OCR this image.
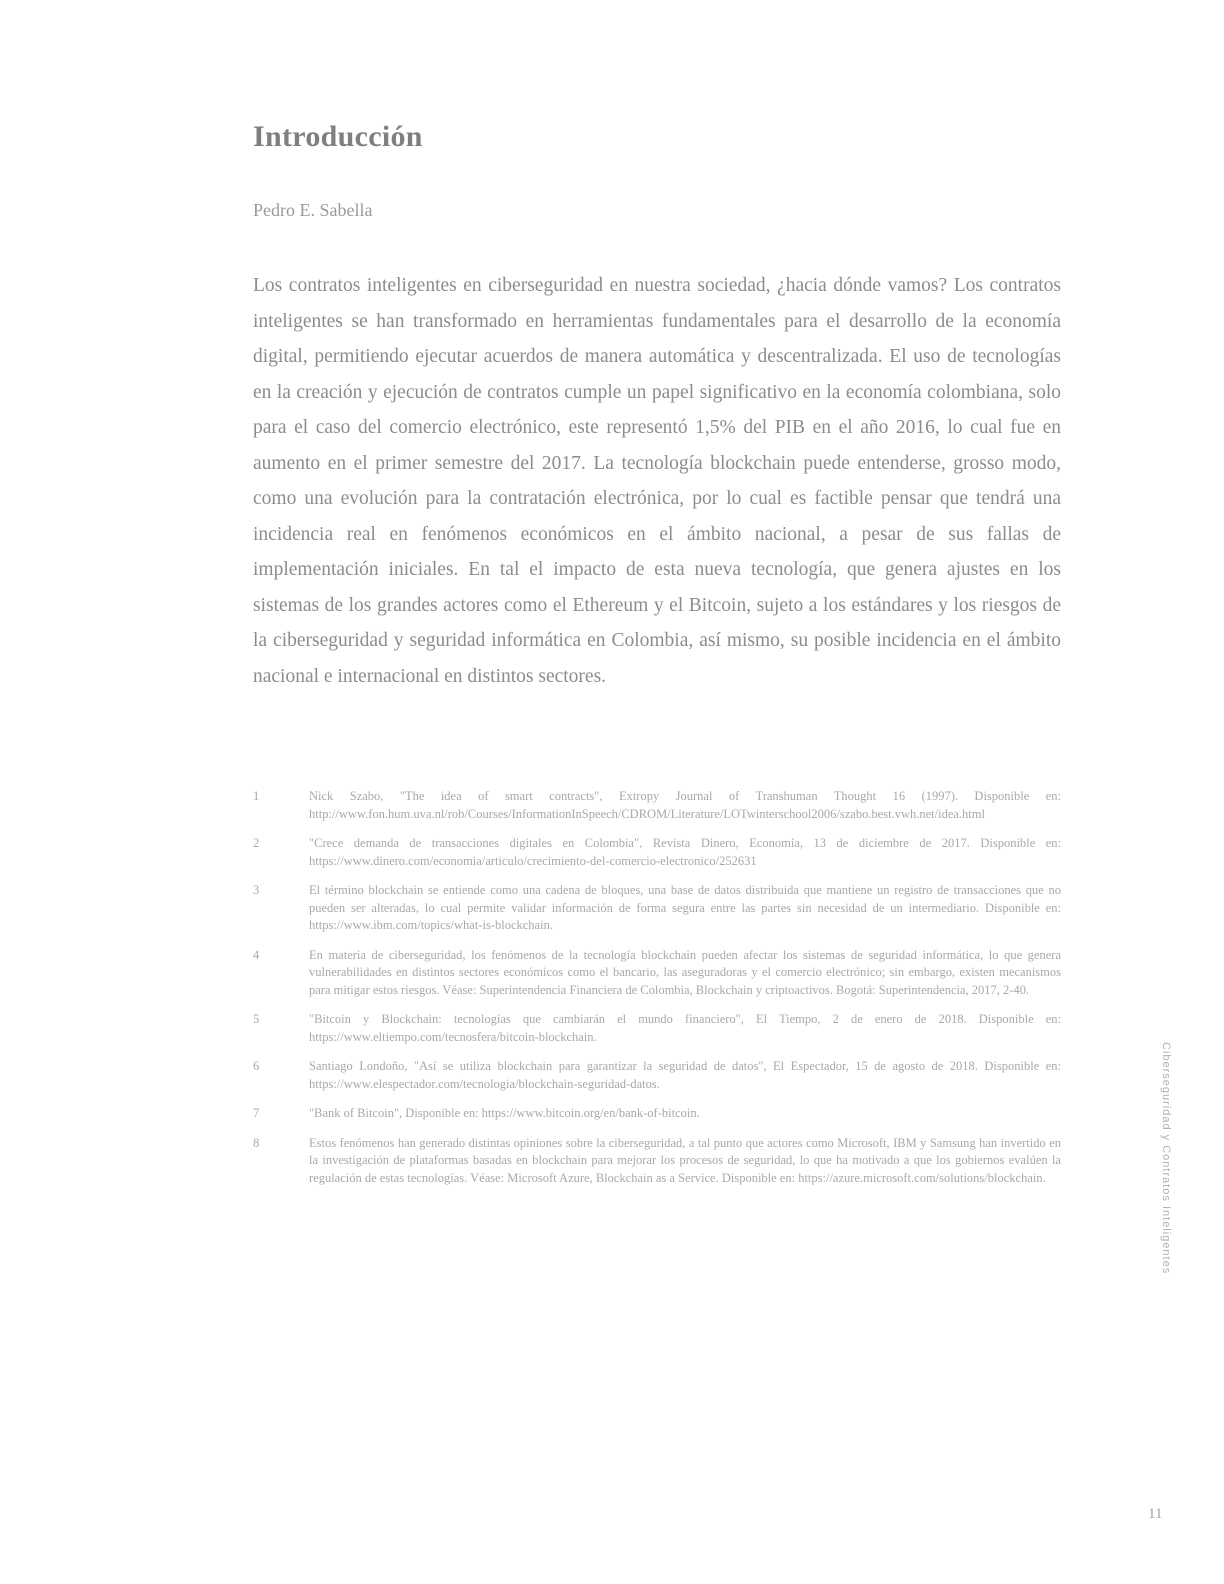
Introducción
Pedro E. Sabella
Los contratos inteligentes en ciberseguridad en nuestra sociedad, ¿hacia dónde vamos? Los contratos inteligentes se han transformado en herramientas fundamentales para el desarrollo de la economía digital, permitiendo ejecutar acuerdos de manera automática y descentralizada. El uso de tecnologías en la creación y ejecución de contratos cumple un papel significativo en la economía colombiana, solo para el caso del comercio electrónico, este representó 1,5% del PIB en el año 2016, lo cual fue en aumento en el primer semestre del 2017. La tecnología blockchain puede entenderse, grosso modo, como una evolución para la contratación electrónica, por lo cual es factible pensar que tendrá una incidencia real en fenómenos económicos en el ámbito nacional, a pesar de sus fallas de implementación iniciales. En tal el impacto de esta nueva tecnología, que genera ajustes en los sistemas de los grandes actores como el Ethereum y el Bitcoin, sujeto a los estándares y los riesgos de la ciberseguridad y seguridad informática en Colombia, así mismo, su posible incidencia en el ámbito nacional e internacional en distintos sectores.
1	Nick Szabo, "The idea of smart contracts", Extropy Journal of Transhuman Thought 16 (1997). Disponible en: http://www.fon.hum.uva.nl/rob/Courses/InformationInSpeech/CDROM/Literature/LOTwinterschool2006/szabo.best.vwh.net/idea.html
2	"Crece demanda de transacciones digitales en Colombia", Revista Dinero, Economía, 13 de diciembre de 2017. Disponible en: https://www.dinero.com/economia/articulo/crecimiento-del-comercio-electronico/252631
3	El término blockchain se entiende como una cadena de bloques, una base de datos distribuida que mantiene un registro de transacciones que no pueden ser alteradas, lo cual permite validar información de forma segura entre las partes sin necesidad de un intermediario. Disponible en: https://www.ibm.com/topics/what-is-blockchain.
4	En materia de ciberseguridad, los fenómenos de la tecnología blockchain pueden afectar los sistemas de seguridad informática, lo que genera vulnerabilidades en distintos sectores económicos como el bancario, las aseguradoras y el comercio electrónico; sin embargo, existen mecanismos para mitigar estos riesgos. Véase: Superintendencia Financiera de Colombia, Blockchain y criptoactivos. Bogotá: Superintendencia, 2017, 2-40.
5	"Bitcoin y Blockchain: tecnologías que cambiarán el mundo financiero", El Tiempo, 2 de enero de 2018. Disponible en: https://www.eltiempo.com/tecnosfera/bitcoin-blockchain.
6	Santiago Londoño, "Así se utiliza blockchain para garantizar la seguridad de datos", El Espectador, 15 de agosto de 2018. Disponible en: https://www.elespectador.com/tecnologia/blockchain-seguridad-datos.
7	"Bank of Bitcoin", Disponible en: https://www.bitcoin.org/en/bank-of-bitcoin.
8	Estos fenómenos han generado distintas opiniones sobre la ciberseguridad, a tal punto que actores como Microsoft, IBM y Samsung han invertido en la investigación de plataformas basadas en blockchain para mejorar los procesos de seguridad, lo que ha motivado a que los gobiernos evalúen la regulación de estas tecnologías. Véase: Microsoft Azure, Blockchain as a Service. Disponible en: https://azure.microsoft.com/solutions/blockchain.	Ciberseguridad y Contratos Inteligentes
11
